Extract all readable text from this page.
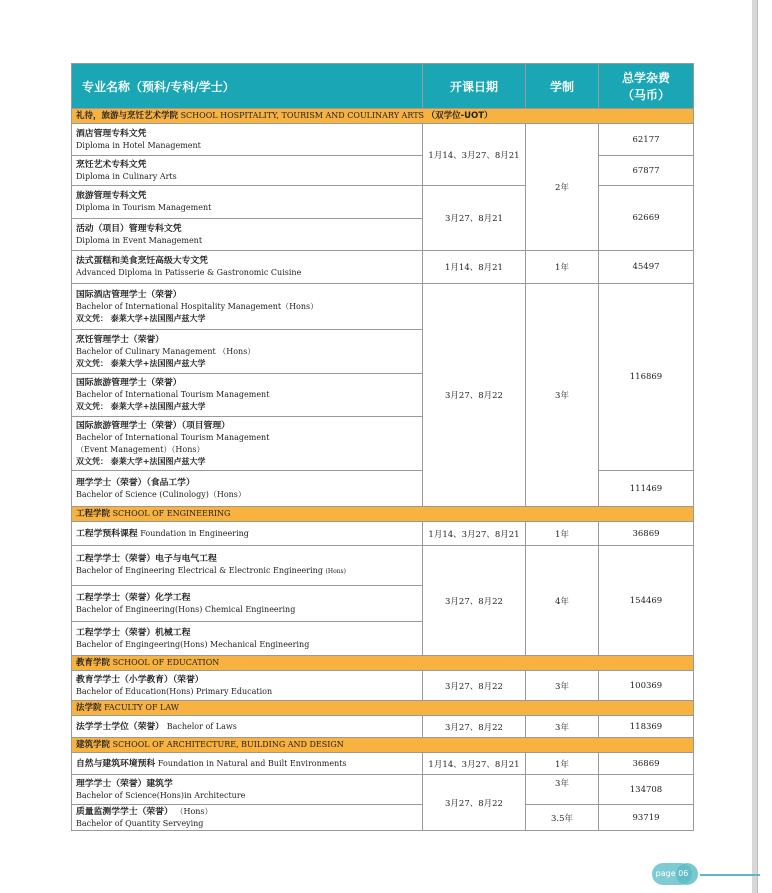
专业名称（预科/专科/学士）	开课日期	学制	总学杂费
（马币）

礼待，旅游与烹饪艺术学院 SCHOOL HOSPITALITY, TOURISM AND COULINARY ARTS （双学位-UOT）			

酒店管理专科文凭
Diploma in Hotel Management	1月14、3月27、8月21	2年	62177

烹饪艺术专科文凭
Diploma in Culinary Arts			67877

旅游管理专科文凭
Diploma in Tourism Management	3月27、8月21		62669

活动（项目）管理专科文凭
Diploma in Event Management			

法式蛋糕和美食烹饪高级大专文凭
Advanced Diploma in Patisserie & Gastronomic Cuisine	1月14、8月21	1年	45497

国际酒店管理学士（荣誉）
Bachelor of International Hospitality Management（Hons）
双文凭： 泰莱大学+法国图卢兹大学	3月27、8月22	3年	116869

烹饪管理学士（荣誉）
Bachelor of Culinary Management （Hons）
双文凭： 泰莱大学+法国图卢兹大学			

国际旅游管理学士（荣誉）
Bachelor of International Tourism Management
双文凭： 泰莱大学+法国图卢兹大学			

国际旅游管理学士（荣誉）（项目管理）
Bachelor of International Tourism Management
（Event Management）（Hons）
双文凭： 泰莱大学+法国图卢兹大学			

理学学士（荣誉）（食品工学）
Bachelor of Science (Culinology)（Hons）			111469
工程学院 SCHOOL OF ENGINEERING			

工程学预科课程 Foundation in Engineering	1月14、3月27、8月21	1年	36869

工程学学士（荣誉）电子与电气工程
Bachelor of Engineering Electrical & Electronic Engineering (Hons)	3月27、8月22	4年	154469

工程学学士（荣誉）化学工程
Bachelor of Engineering(Hons) Chemical Engineering			

工程学学士（荣誉）机械工程
Bachelor of Engingeering(Hons) Mechanical Engineering			

教育学院 SCHOOL OF EDUCATION			

教育学学士（小学教育）（荣誉）
Bachelor of Education(Hons) Primary Education	3月27、8月22	3年	100369
法学院 FACULTY OF LAW			

法学学士学位（荣誉） Bachelor of Laws	3月27、8月22	3年	118369
建筑学院 SCHOOL OF ARCHITECTURE, BUILDING AND DESIGN			

自然与建筑环境预科 Foundation in Natural and Built Environments	1月14、3月27、8月21	1年	36869

理学学士（荣誉）建筑学
Bachelor of Science(Hons)in Architecture	3月27、8月22	3年	134708

质量监测学学士（荣誉） （Hons）
Bachelor of Quantity Serveying		3.5年	93719
page 06
